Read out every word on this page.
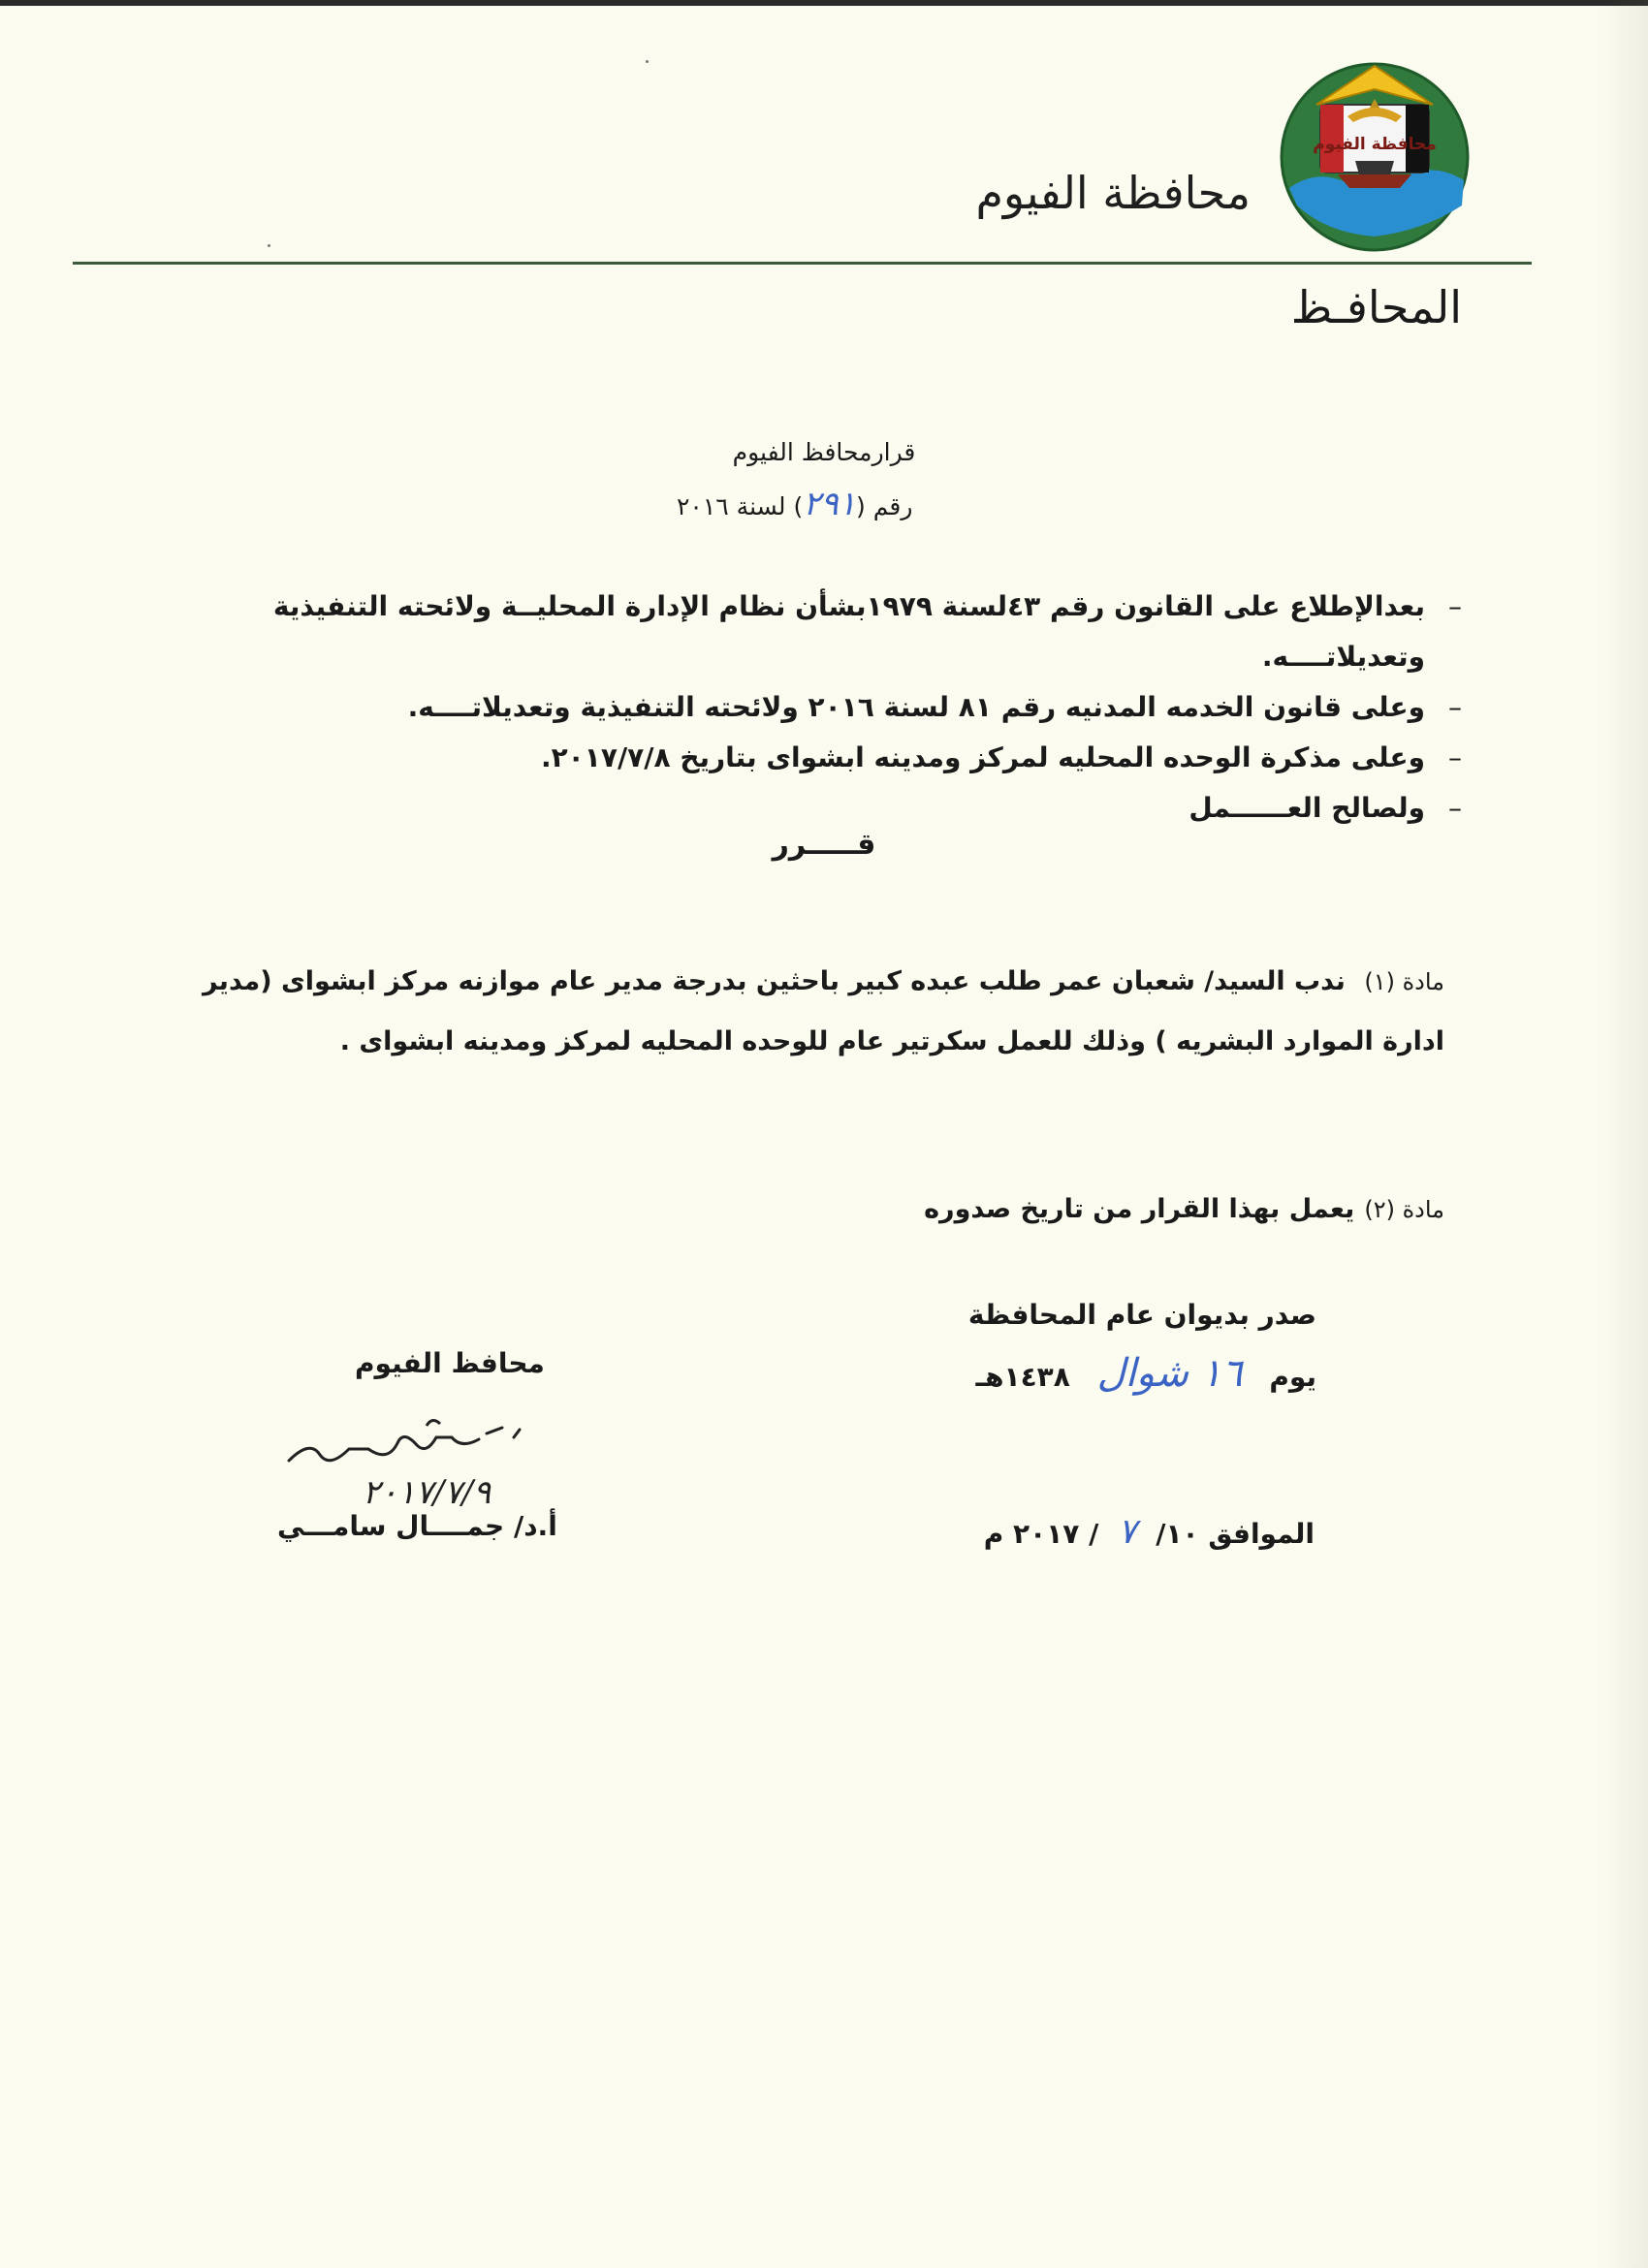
محافظة الفيوم
محافظة الفيوم
المحافـظ
قرارمحافظ الفيوم
رقم (٢٩١) لسنة ٢٠١٦
–
بعدالإطلاع على القانون رقم ٤٣لسنة ١٩٧٩بشأن نظام الإدارة المحليــة ولائحته التنفيذية وتعديلاتــــه.
–
وعلى قانون الخدمه المدنيه رقم ٨١ لسنة ٢٠١٦ ولائحته التنفيذية وتعديلاتــــه.
–
وعلى مذكرة الوحده المحليه لمركز ومدينه ابشواى بتاريخ ٢٠١٧/٧/٨.
–
ولصالح العــــــمل
قـــــرر
مادة (١) ندب السيد/ شعبان عمر طلب عبده كبير باحثين بدرجة مدير عام موازنه مركز ابشواى (مدير ادارة الموارد البشريه ) وذلك للعمل سكرتير عام للوحده المحليه لمركز ومدينه ابشواى .
مادة (٢)يعمل بهذا القرار من تاريخ صدوره
صدر بديوان عام المحافظة
يوم ١٦ شوال ١٤٣٨هـ
الموافق ١٠/ ٧ / ٢٠١٧ م
محافظ الفيوم
٢٠١٧/٧/٩
أ.د/ جمــــال سامـــي
